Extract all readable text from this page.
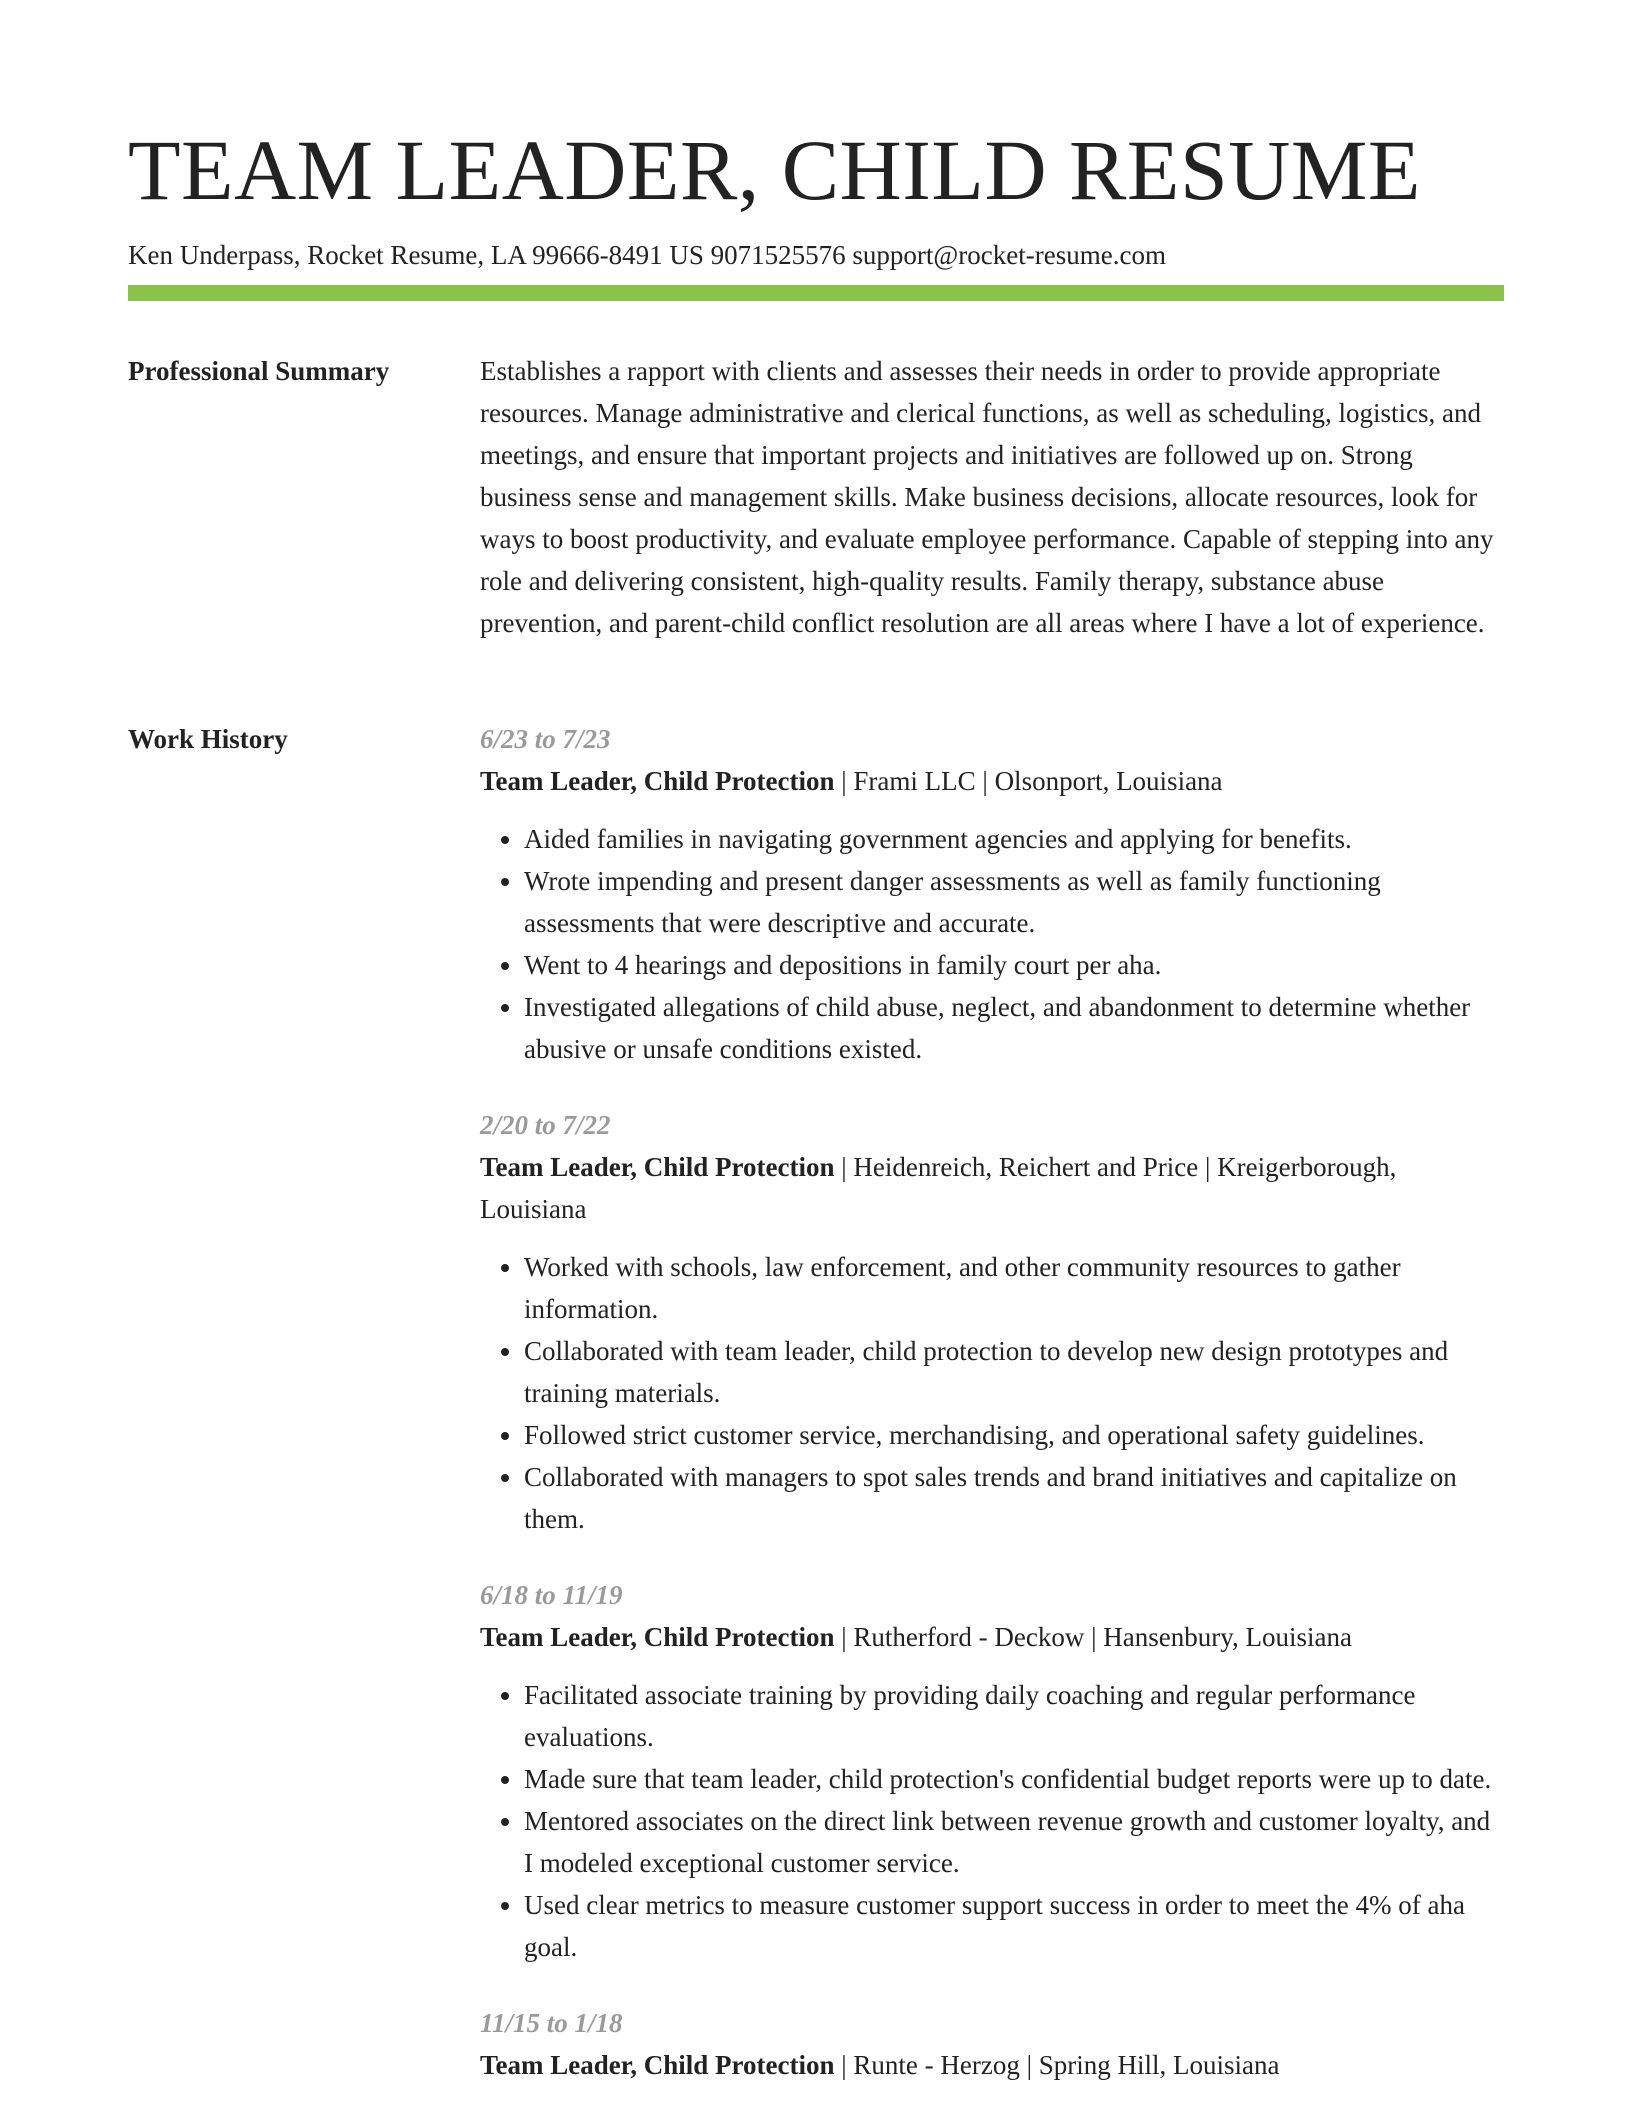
TEAM LEADER, CHILD RESUME
Ken Underpass, Rocket Resume, LA 99666-8491 US 9071525576 support@rocket-resume.com
Professional Summary	Establishes a rapport with clients and assesses their needs in order to provide appropriate resources. Manage administrative and clerical functions, as well as scheduling, logistics, and meetings, and ensure that important projects and initiatives are followed up on. Strong business sense and management skills. Make business decisions, allocate resources, look for ways to boost productivity, and evaluate employee performance. Capable of stepping into any role and delivering consistent, high-quality results. Family therapy, substance abuse prevention, and parent-child conflict resolution are all areas where I have a lot of experience.

Work History	6/23 to 7/23
Team Leader, Child Protection | Frami LLC | Olsonport, Louisiana
• Aided families in navigating government agencies and applying for benefits.
• Wrote impending and present danger assessments as well as family functioning assessments that were descriptive and accurate.
• Went to 4 hearings and depositions in family court per aha.
• Investigated allegations of child abuse, neglect, and abandonment to determine whether abusive or unsafe conditions existed.
2/20 to 7/22
Team Leader, Child Protection | Heidenreich, Reichert and Price | Kreigerborough, Louisiana
• Worked with schools, law enforcement, and other community resources to gather information.
• Collaborated with team leader, child protection to develop new design prototypes and training materials.
• Followed strict customer service, merchandising, and operational safety guidelines.
• Collaborated with managers to spot sales trends and brand initiatives and capitalize on them.
6/18 to 11/19
Team Leader, Child Protection | Rutherford - Deckow | Hansenbury, Louisiana
• Facilitated associate training by providing daily coaching and regular performance evaluations.
• Made sure that team leader, child protection's confidential budget reports were up to date.
• Mentored associates on the direct link between revenue growth and customer loyalty, and I modeled exceptional customer service.
• Used clear metrics to measure customer support success in order to meet the 4% of aha goal.
11/15 to 1/18
Team Leader, Child Protection | Runte - Herzog | Spring Hill, Louisiana
